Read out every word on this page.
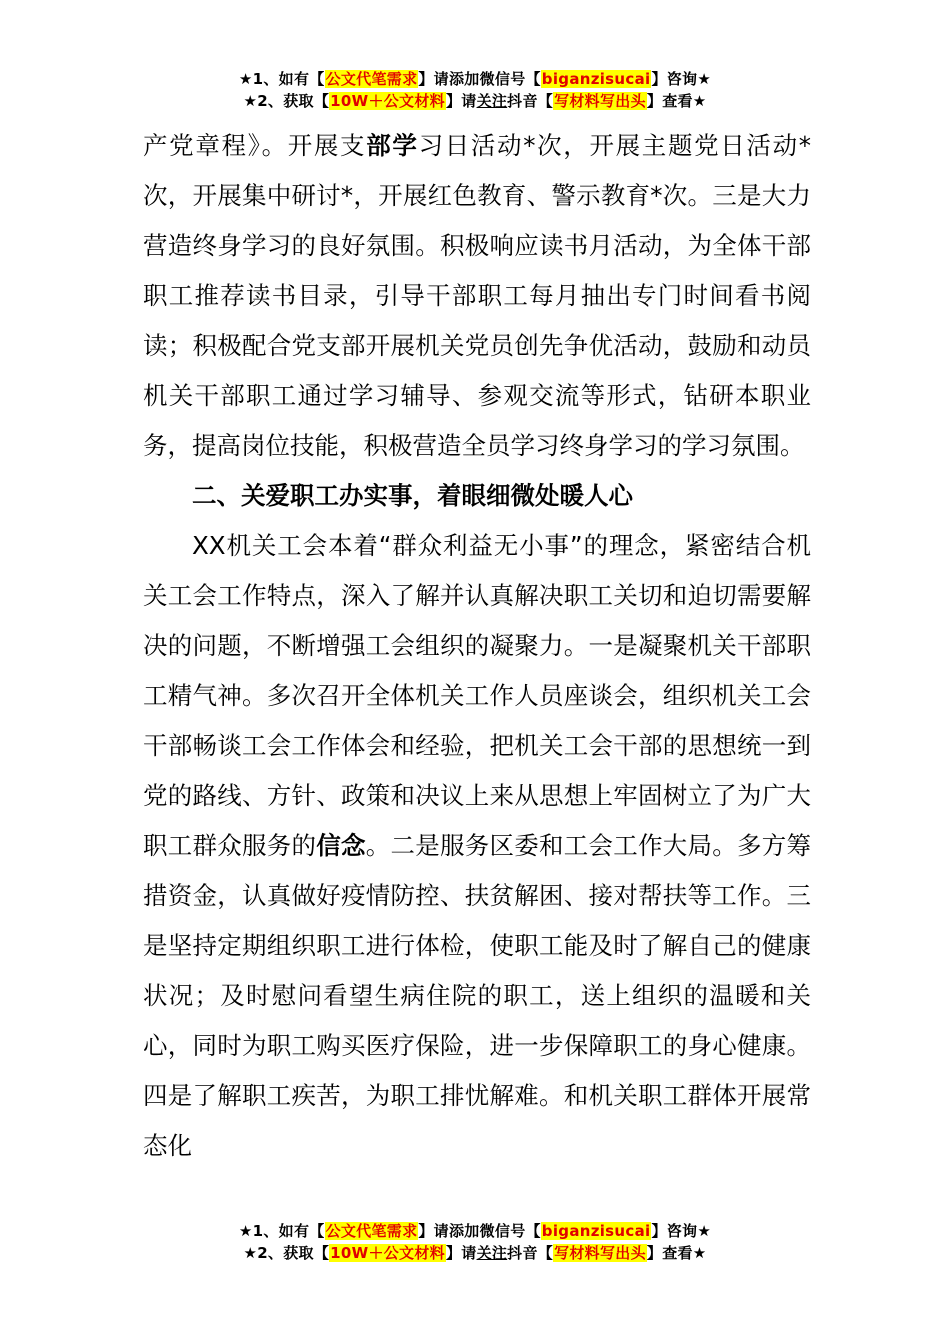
★1、如有【公文代笔需求】请添加微信号【biganzisucai】咨询★
★2、获取【10W＋公文材料】请关注抖音【写材料写出头】查看★

产党章程》。开展支部学习日活动*次，开展主题党日活动*次，开展集中研讨*，开展红色教育、警示教育*次。三是大力营造终身学习的良好氛围。积极响应读书月活动，为全体干部职工推荐读书目录，引导干部职工每月抽出专门时间看书阅读；积极配合党支部开展机关党员创先争优活动，鼓励和动员机关干部职工通过学习辅导、参观交流等形式，钻研本职业务，提高岗位技能，积极营造全员学习终身学习的学习氛围。

二、关爱职工办实事，着眼细微处暖人心

XX机关工会本着“群众利益无小事”的理念，紧密结合机关工会工作特点，深入了解并认真解决职工关切和迫切需要解决的问题，不断增强工会组织的凝聚力。一是凝聚机关干部职工精气神。多次召开全体机关工作人员座谈会，组织机关工会干部畅谈工会工作体会和经验，把机关工会干部的思想统一到党的路线、方针、政策和决议上来从思想上牢固树立了为广大职工群众服务的信念。二是服务区委和工会工作大局。多方筹措资金，认真做好疫情防控、扶贫解困、接对帮扶等工作。三是坚持定期组织职工进行体检，使职工能及时了解自己的健康状况；及时慰问看望生病住院的职工，送上组织的温暖和关心，同时为职工购买医疗保险，进一步保障职工的身心健康。四是了解职工疾苦，为职工排忧解难。和机关职工群体开展常态化

★1、如有【公文代笔需求】请添加微信号【biganzisucai】咨询★
★2、获取【10W＋公文材料】请关注抖音【写材料写出头】查看★
